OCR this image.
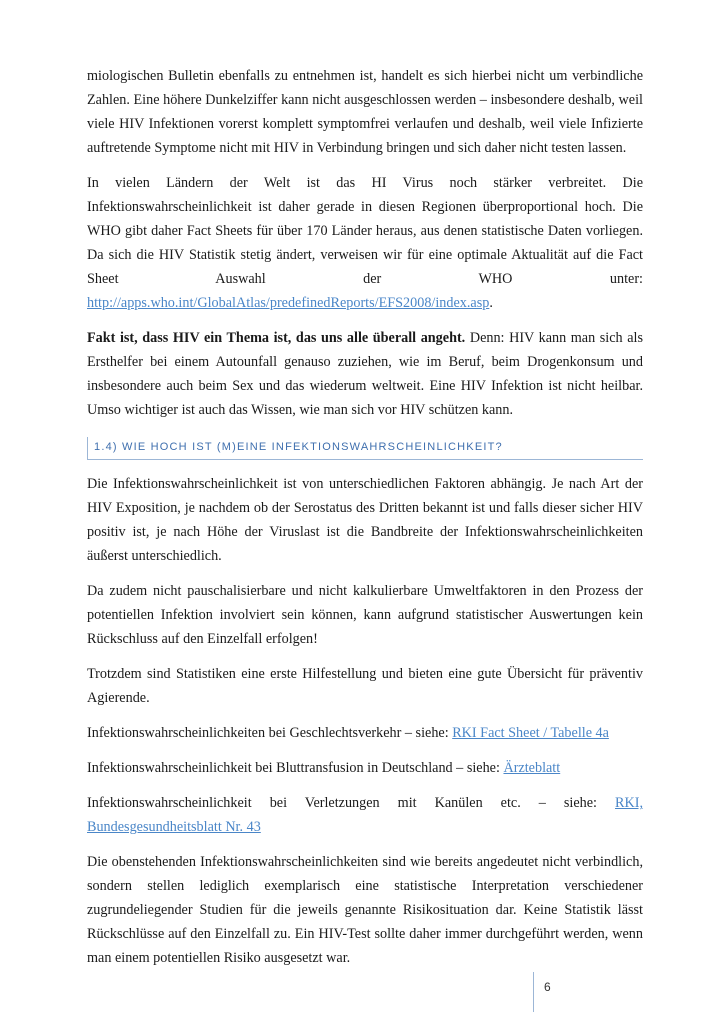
miologischen Bulletin ebenfalls zu entnehmen ist, handelt es sich hierbei nicht um verbindliche Zahlen. Eine höhere Dunkelziffer kann nicht ausgeschlossen werden – insbesondere deshalb, weil viele HIV Infektionen vorerst komplett symptomfrei verlaufen und deshalb, weil viele Infizierte auftretende Symptome nicht mit HIV in Verbindung bringen und sich daher nicht testen lassen.

In vielen Ländern der Welt ist das HI Virus noch stärker verbreitet. Die Infektionswahrscheinlichkeit ist daher gerade in diesen Regionen überproportional hoch. Die WHO gibt daher Fact Sheets für über 170 Länder heraus, aus denen statistische Daten vorliegen. Da sich die HIV Statistik stetig ändert, verweisen wir für eine optimale Aktualität auf die Fact Sheet Auswahl der WHO unter: http://apps.who.int/GlobalAtlas/predefinedReports/EFS2008/index.asp.

Fakt ist, dass HIV ein Thema ist, das uns alle überall angeht. Denn: HIV kann man sich als Ersthelfer bei einem Autounfall genauso zuziehen, wie im Beruf, beim Drogenkonsum und insbesondere auch beim Sex und das wiederum weltweit. Eine HIV Infektion ist nicht heilbar. Umso wichtiger ist auch das Wissen, wie man sich vor HIV schützen kann.

1.4) WIE HOCH IST (M)EINE INFEKTIONSWAHRSCHEINLICHKEIT?

Die Infektionswahrscheinlichkeit ist von unterschiedlichen Faktoren abhängig. Je nach Art der HIV Exposition, je nachdem ob der Serostatus des Dritten bekannt ist und falls dieser sicher HIV positiv ist, je nach Höhe der Viruslast ist die Bandbreite der Infektionswahrscheinlichkeiten äußerst unterschiedlich.

Da zudem nicht pauschalisierbare und nicht kalkulierbare Umweltfaktoren in den Prozess der potentiellen Infektion involviert sein können, kann aufgrund statistischer Auswertungen kein Rückschluss auf den Einzelfall erfolgen!

Trotzdem sind Statistiken eine erste Hilfestellung und bieten eine gute Übersicht für präventiv Agierende.

Infektionswahrscheinlichkeiten bei Geschlechtsverkehr – siehe: RKI Fact Sheet / Tabelle 4a

Infektionswahrscheinlichkeit bei Bluttransfusion in Deutschland – siehe: Ärzteblatt

Infektionswahrscheinlichkeit bei Verletzungen mit Kanülen etc. – siehe: RKI, Bundesgesundheitsblatt Nr. 43

Die obenstehenden Infektionswahrscheinlichkeiten sind wie bereits angedeutet nicht verbindlich, sondern stellen lediglich exemplarisch eine statistische Interpretation verschiedener zugrundeliegender Studien für die jeweils genannte Risikosituation dar. Keine Statistik lässt Rückschlüsse auf den Einzelfall zu. Ein HIV-Test sollte daher immer durchgeführt werden, wenn man einem potentiellen Risiko ausgesetzt war.

6
